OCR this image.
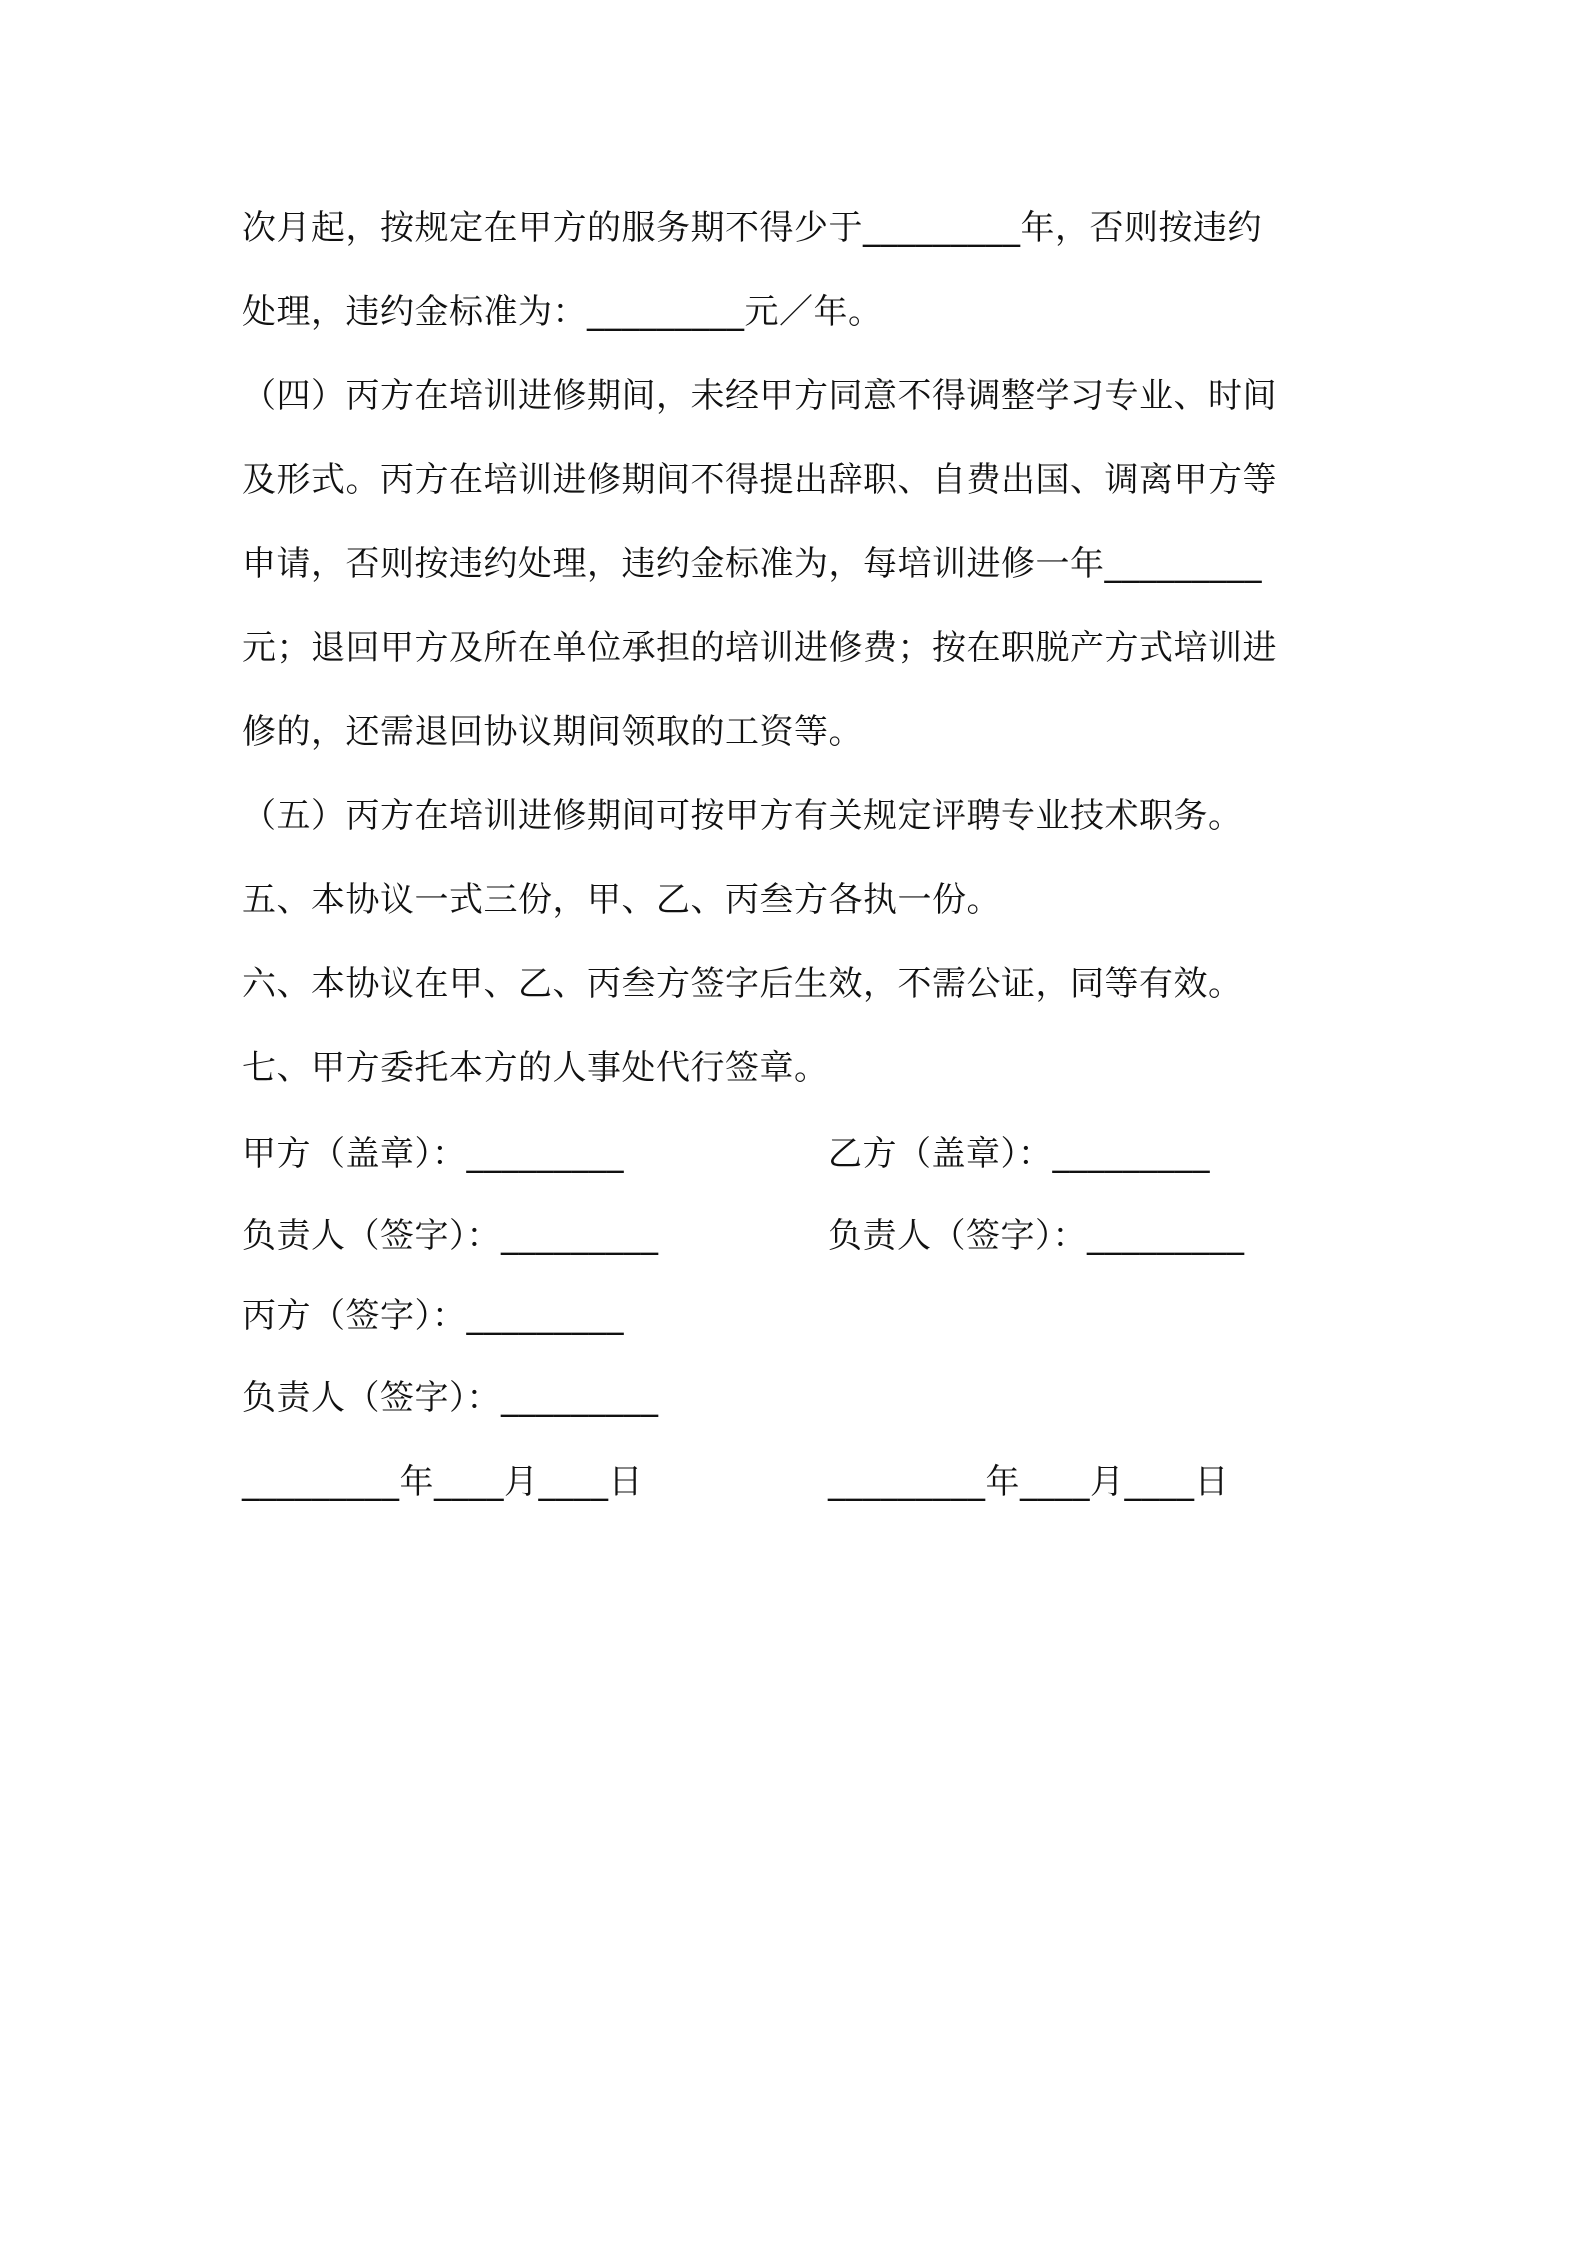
次月起，按规定在甲方的服务期不得少于_________年，否则按违约
处理，违约金标准为：_________元／年。
（四）丙方在培训进修期间，未经甲方同意不得调整学习专业、时间
及形式。丙方在培训进修期间不得提出辞职、自费出国、调离甲方等
申请，否则按违约处理，违约金标准为，每培训进修一年_________
元；退回甲方及所在单位承担的培训进修费；按在职脱产方式培训进
修的，还需退回协议期间领取的工资等。
（五）丙方在培训进修期间可按甲方有关规定评聘专业技术职务。
五、本协议一式三份，甲、乙、丙叁方各执一份。
六、本协议在甲、乙、丙叁方签字后生效，不需公证，同等有效。
七、甲方委托本方的人事处代行签章。
甲方（盖章）：_________	乙方（盖章）：_________
负责人（签字）：_________	负责人（签字）：_________
丙方（签字）：_________
负责人（签字）：_________
_________年____月____日	_________年____月____日
